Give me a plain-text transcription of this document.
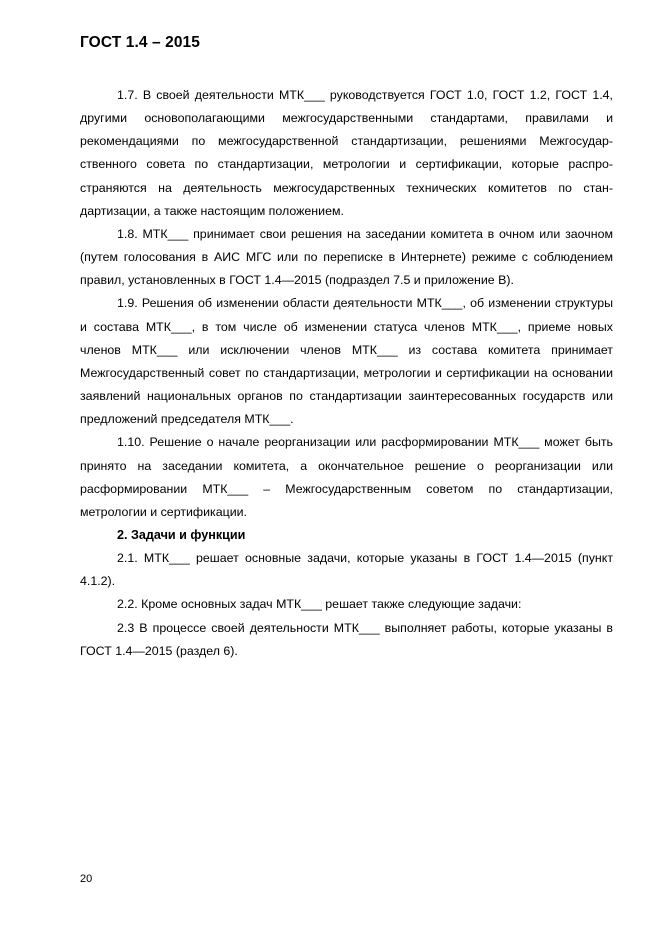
ГОСТ 1.4 – 2015

1.7. В своей деятельности МТК___ руководствуется ГОСТ 1.0, ГОСТ 1.2, ГОСТ 1.4, другими основополагающими межгосударственными стандартами, правилами и рекомендациями по межгосударственной стандартизации, решениями Межгосударственного совета по стандартизации, метрологии и сертификации, которые распространяются на деятельность межгосударственных технических комитетов по стандартизации, а также настоящим положением.

1.8. МТК___ принимает свои решения на заседании комитета в очном или заочном (путем голосования в АИС МГС или по переписке в Интернете) режиме с соблюдением правил, установленных в ГОСТ 1.4—2015 (подраздел 7.5 и приложение В).

1.9. Решения об изменении области деятельности МТК___, об изменении структуры и состава МТК___, в том числе об изменении статуса членов МТК___, приеме новых членов МТК___ или исключении членов МТК___ из состава комитета принимает Межгосударственный совет по стандартизации, метрологии и сертификации на основании заявлений национальных органов по стандартизации заинтересованных государств или предложений председателя МТК___.

1.10. Решение о начале реорганизации или расформировании МТК___ может быть принято на заседании комитета, а окончательное решение о реорганизации или расформировании МТК___ – Межгосударственным советом по стандартизации, метрологии и сертификации.

2. Задачи и функции

2.1. МТК___ решает основные задачи, которые указаны в ГОСТ 1.4—2015 (пункт 4.1.2).

2.2. Кроме основных задач МТК___ решает также следующие задачи:

2.3 В процессе своей деятельности МТК___ выполняет работы, которые указаны в ГОСТ 1.4—2015 (раздел 6).

20
